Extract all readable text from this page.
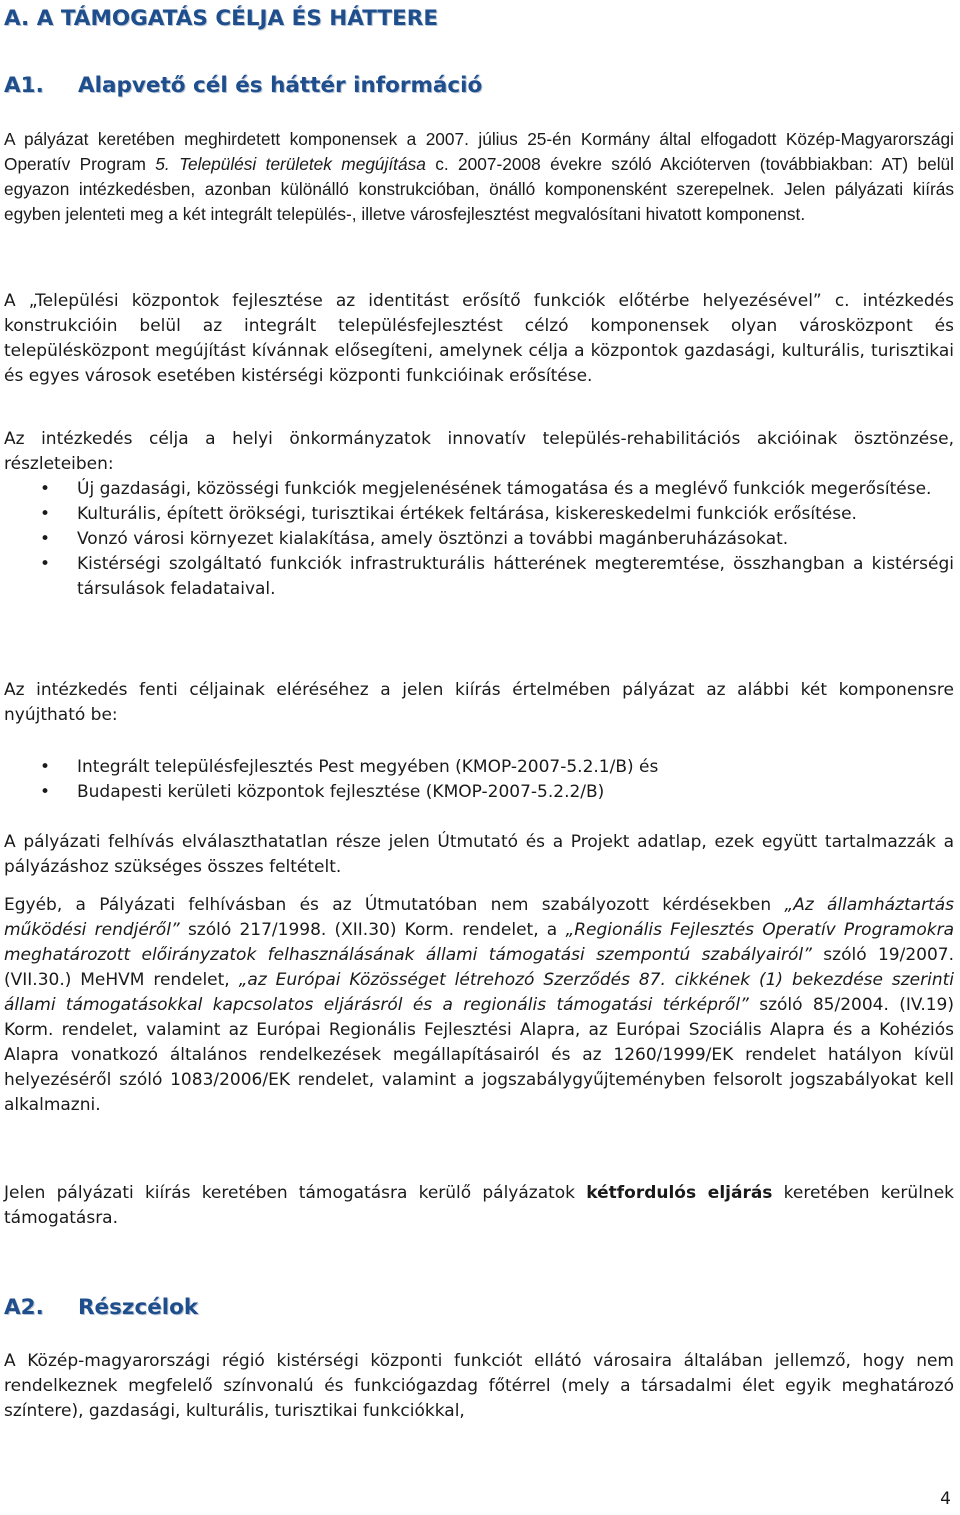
A. A TÁMOGATÁS CÉLJA ÉS HÁTTERE
A1. Alapvető cél és háttér információ

A pályázat keretében meghirdetett komponensek a 2007. július 25-én Kormány által elfogadott Közép-Magyarországi Operatív Program 5. Települési területek megújítása c. 2007-2008 évekre szóló Akcióterven (továbbiakban: AT) belül egyazon intézkedésben, azonban különálló konstrukcióban, önálló komponensként szerepelnek. Jelen pályázati kiírás egyben jelenteti meg a két integrált település-, illetve városfejlesztést megvalósítani hivatott komponenst.

A „Települési központok fejlesztése az identitást erősítő funkciók előtérbe helyezésével” c. intézkedés konstrukcióin belül az integrált településfejlesztést célzó komponensek olyan városközpont és településközpont megújítást kívánnak elősegíteni, amelynek célja a központok gazdasági, kulturális, turisztikai és egyes városok esetében kistérségi központi funkcióinak erősítése.

Az intézkedés célja a helyi önkormányzatok innovatív település-rehabilitációs akcióinak ösztönzése, részleteiben:

• Új gazdasági, közösségi funkciók megjelenésének támogatása és a meglévő funkciók megerősítése.
• Kulturális, épített örökségi, turisztikai értékek feltárása, kiskereskedelmi funkciók erősítése.
• Vonzó városi környezet kialakítása, amely ösztönzi a további magánberuházásokat.
• Kistérségi szolgáltató funkciók infrastrukturális hátterének megteremtése, összhangban a kistérségi társulások feladataival.

Az intézkedés fenti céljainak eléréséhez a jelen kiírás értelmében pályázat az alábbi két komponensre nyújtható be:

• Integrált településfejlesztés Pest megyében (KMOP-2007-5.2.1/B) és
• Budapesti kerületi központok fejlesztése (KMOP-2007-5.2.2/B)

A pályázati felhívás elválaszthatatlan része jelen Útmutató és a Projekt adatlap, ezek együtt tartalmazzák a pályázáshoz szükséges összes feltételt.

Egyéb, a Pályázati felhívásban és az Útmutatóban nem szabályozott kérdésekben „Az államháztartás működési rendjéről” szóló 217/1998. (XII.30) Korm. rendelet, a „Regionális Fejlesztés Operatív Programokra meghatározott előirányzatok felhasználásának állami támogatási szempontú szabályairól” szóló 19/2007. (VII.30.) MeHVM rendelet, „az Európai Közösséget létrehozó Szerződés 87. cikkének (1) bekezdése szerinti állami támogatásokkal kapcsolatos eljárásról és a regionális támogatási térképről” szóló 85/2004. (IV.19) Korm. rendelet, valamint az Európai Regionális Fejlesztési Alapra, az Európai Szociális Alapra és a Kohéziós Alapra vonatkozó általános rendelkezések megállapításairól és az 1260/1999/EK rendelet hatályon kívül helyezéséről szóló 1083/2006/EK rendelet, valamint a jogszabálygyűjteményben felsorolt jogszabályokat kell alkalmazni.

Jelen pályázati kiírás keretében támogatásra kerülő pályázatok kétfordulós eljárás keretében kerülnek támogatásra.

A2. Részcélok

A Közép-magyarországi régió kistérségi központi funkciót ellátó városaira általában jellemző, hogy nem rendelkeznek megfelelő színvonalú és funkciógazdag főtérrel (mely a társadalmi élet egyik meghatározó színtere), gazdasági, kulturális, turisztikai funkciókkal,

4
